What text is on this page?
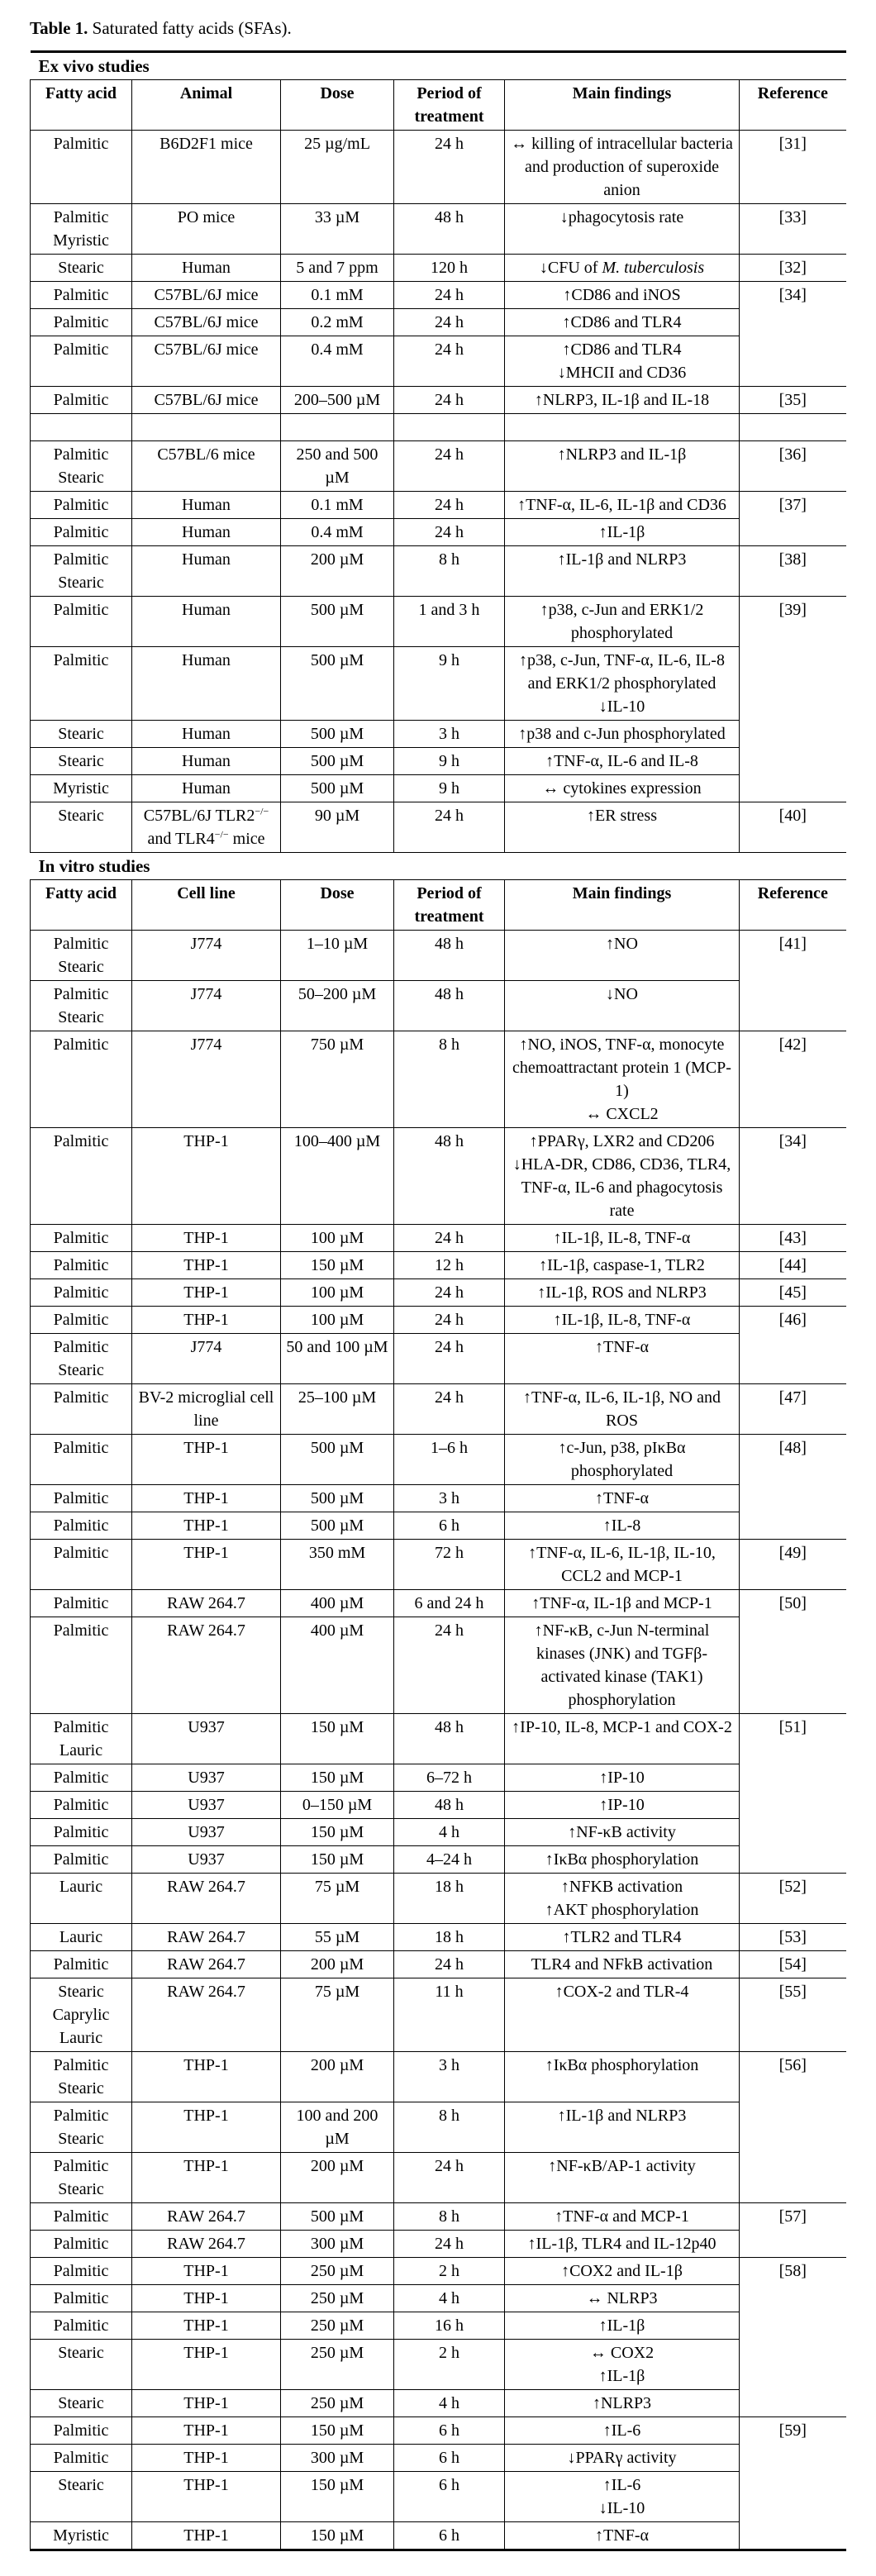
Table 1. Saturated fatty acids (SFAs).

Ex vivo studies					
Fatty acid	Animal	Dose	Period of treatment	Main findings	Reference

Palmitic	B6D2F1 mice	25 µg/mL	24 h	↔ killing of intracellular bacteria and production of superoxide anion	[31]

Palmitic
Myristic	PO mice	33 µM	48 h	↓phagocytosis rate	[33]

Stearic	Human	5 and 7 ppm	120 h	↓CFU of M. tuberculosis	[32]

Palmitic	C57BL/6J mice	0.1 mM	24 h	↑CD86 and iNOS	[34]

Palmitic	C57BL/6J mice	0.2 mM	24 h	↑CD86 and TLR4	

Palmitic	C57BL/6J mice	0.4 mM	24 h	↑CD86 and TLR4
↓MHCII and CD36	

Palmitic	C57BL/6J mice	200–500 µM	24 h	↑NLRP3, IL-1β and IL-18	[35]

Palmitic
Stearic	C57BL/6 mice	250 and 500 µM	24 h	↑NLRP3 and IL-1β	[36]

Palmitic	Human	0.1 mM	24 h	↑TNF-α, IL-6, IL-1β and CD36	[37]

Palmitic	Human	0.4 mM	24 h	↑IL-1β	

Palmitic
Stearic	Human	200 µM	8 h	↑IL-1β and NLRP3	[38]

Palmitic	Human	500 µM	1 and 3 h	↑p38, c-Jun and ERK1/2 phosphorylated	[39]

Palmitic	Human	500 µM	9 h	↑p38, c-Jun, TNF-α, IL-6, IL-8 and ERK1/2 phosphorylated
↓IL-10	

Stearic	Human	500 µM	3 h	↑p38 and c-Jun phosphorylated	

Stearic	Human	500 µM	9 h	↑TNF-α, IL-6 and IL-8	

Myristic	Human	500 µM	9 h	↔ cytokines expression	

Stearic	C57BL/6J TLR2−/− and TLR4−/− mice	90 µM	24 h	↑ER stress	[40]
In vitro studies					
Fatty acid	Cell line	Dose	Period of treatment	Main findings	Reference

Palmitic
Stearic	J774	1–10 µM	48 h	↑NO	[41]

Palmitic
Stearic	J774	50–200 µM	48 h	↓NO	

Palmitic	J774	750 µM	8 h	↑NO, iNOS, TNF-α, monocyte chemoattractant protein 1 (MCP-1)
↔ CXCL2	[42]

Palmitic	THP-1	100–400 µM	48 h	↑PPARγ, LXR2 and CD206
↓HLA-DR, CD86, CD36, TLR4, TNF-α, IL-6 and phagocytosis rate	[34]

Palmitic	THP-1	100 µM	24 h	↑IL-1β, IL-8, TNF-α	[43]

Palmitic	THP-1	150 µM	12 h	↑IL-1β, caspase-1, TLR2	[44]

Palmitic	THP-1	100 µM	24 h	↑IL-1β, ROS and NLRP3	[45]

Palmitic	THP-1	100 µM	24 h	↑IL-1β, IL-8, TNF-α	[46]

Palmitic
Stearic	J774	50 and 100 µM	24 h	↑TNF-α	

Palmitic	BV-2 microglial cell line	25–100 µM	24 h	↑TNF-α, IL-6, IL-1β, NO and ROS	[47]

Palmitic	THP-1	500 µM	1–6 h	↑c-Jun, p38, pIκBα phosphorylated	[48]

Palmitic	THP-1	500 µM	3 h	↑TNF-α	

Palmitic	THP-1	500 µM	6 h	↑IL-8	

Palmitic	THP-1	350 mM	72 h	↑TNF-α, IL-6, IL-1β, IL-10, CCL2 and MCP-1	[49]

Palmitic	RAW 264.7	400 µM	6 and 24 h	↑TNF-α, IL-1β and MCP-1	[50]

Palmitic	RAW 264.7	400 µM	24 h	↑NF-κB, c-Jun N-terminal kinases (JNK) and TGFβ-activated kinase (TAK1) phosphorylation	

Palmitic
Lauric	U937	150 µM	48 h	↑IP-10, IL-8, MCP-1 and COX-2	[51]

Palmitic	U937	150 µM	6–72 h	↑IP-10	

Palmitic	U937	0–150 µM	48 h	↑IP-10	

Palmitic	U937	150 µM	4 h	↑NF-κB activity	

Palmitic	U937	150 µM	4–24 h	↑IκBα phosphorylation	

Lauric	RAW 264.7	75 µM	18 h	↑NFKB activation
↑AKT phosphorylation	[52]

Lauric	RAW 264.7	55 µM	18 h	↑TLR2 and TLR4	[53]

Palmitic	RAW 264.7	200 µM	24 h	TLR4 and NFkB activation	[54]

Stearic
Caprylic
Lauric	RAW 264.7	75 µM	11 h	↑COX-2 and TLR-4	[55]

Palmitic
Stearic	THP-1	200 µM	3 h	↑IκBα phosphorylation	[56]

Palmitic
Stearic	THP-1	100 and 200 µM	8 h	↑IL-1β and NLRP3	

Palmitic
Stearic	THP-1	200 µM	24 h	↑NF-κB/AP-1 activity	

Palmitic	RAW 264.7	500 µM	8 h	↑TNF-α and MCP-1	[57]

Palmitic	RAW 264.7	300 µM	24 h	↑IL-1β, TLR4 and IL-12p40	

Palmitic	THP-1	250 µM	2 h	↑COX2 and IL-1β	[58]

Palmitic	THP-1	250 µM	4 h	↔ NLRP3	

Palmitic	THP-1	250 µM	16 h	↑IL-1β	

Stearic	THP-1	250 µM	2 h	↔ COX2
↑IL-1β	

Stearic	THP-1	250 µM	4 h	↑NLRP3	

Palmitic	THP-1	150 µM	6 h	↑IL-6	[59]

Palmitic	THP-1	300 µM	6 h	↓PPARγ activity	

Stearic	THP-1	150 µM	6 h	↑IL-6
↓IL-10	

Myristic	THP-1	150 µM	6 h	↑TNF-α	
